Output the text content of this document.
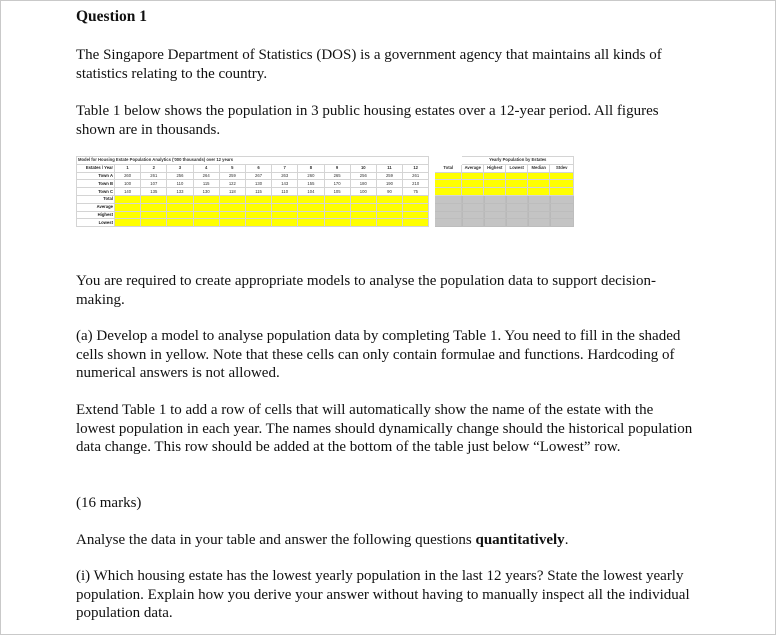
Question 1

The Singapore Department of Statistics (DOS) is a government agency that maintains all kinds of statistics relating to the country.

Table 1 below shows the population in 3 public housing estates over a 12-year period. All figures shown are in thousands.

Model for Housing Estate Population Analytics ('000 thousands) over 12 years															Yearly Population by Estates				
Estates \ Year	1	2	3	4	5	6	7	8	9	10	11	12		Total	Average	Highest	Lowest	Median	Stdev
Town A	260	261	256	264	259	267	263	260	265	256	259	261							
Town B	100	107	110	115	122	130	143	155	170	180	190	210							
Town C	140	135	133	130	118	115	110	104	105	100	90	75							
Total																			
Average																			
Highest																			
Lowest																			

You are required to create appropriate models to analyse the population data to support decision-making.

(a) Develop a model to analyse population data by completing Table 1. You need to fill in the shaded cells shown in yellow. Note that these cells can only contain formulae and functions. Hardcoding of numerical answers is not allowed.

Extend Table 1 to add a row of cells that will automatically show the name of the estate with the lowest population in each year. The names should dynamically change should the historical population data change. This row should be added at the bottom of the table just below “Lowest” row.

(16 marks)

Analyse the data in your table and answer the following questions quantitatively.

(i) Which housing estate has the lowest yearly population in the last 12 years? State the lowest yearly population. Explain how you derive your answer without having to manually inspect all the individual population data.
